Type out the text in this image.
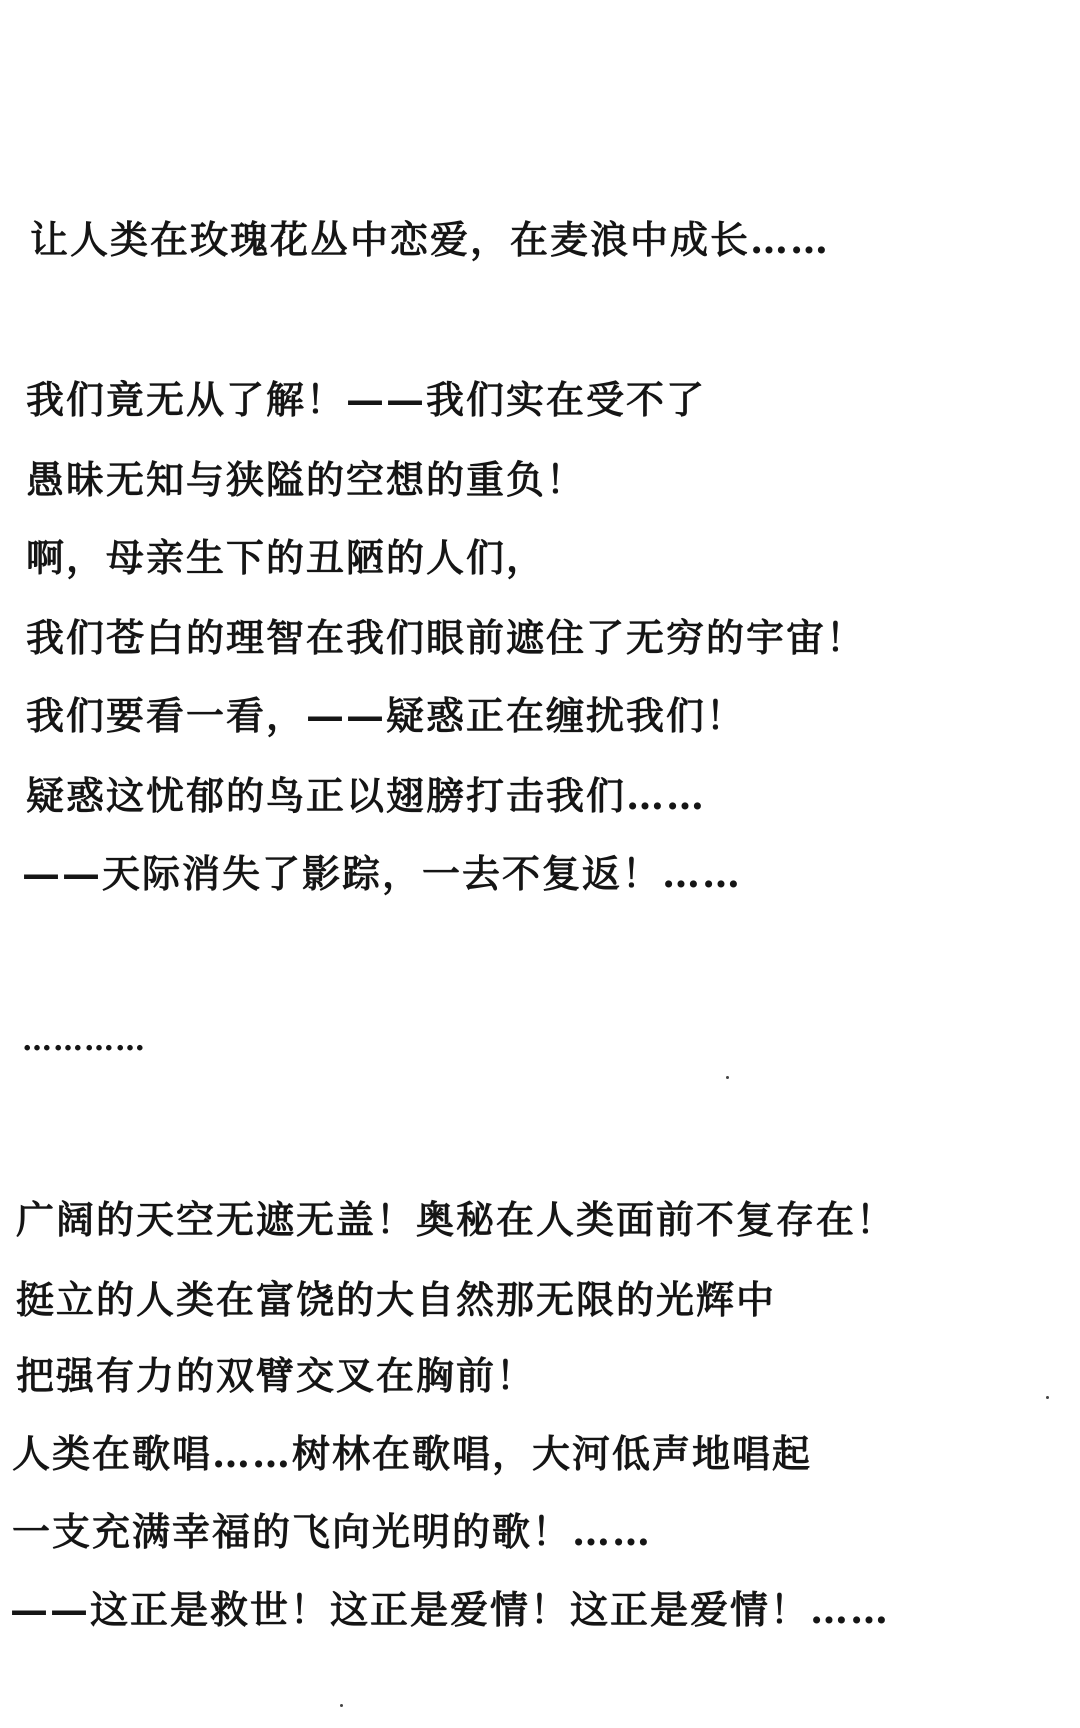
让人类在玫瑰花丛中恋爱，在麦浪中成长……
我们竟无从了解！——我们实在受不了
愚昧无知与狭隘的空想的重负！
啊，母亲生下的丑陋的人们，
我们苍白的理智在我们眼前遮住了无穷的宇宙！
我们要看一看，——疑惑正在缠扰我们！
疑惑这忧郁的鸟正以翅膀打击我们……
——天际消失了影踪，一去不复返！……
…………
广阔的天空无遮无盖！奥秘在人类面前不复存在！
挺立的人类在富饶的大自然那无限的光辉中
把强有力的双臂交叉在胸前！
人类在歌唱……树林在歌唱，大河低声地唱起
一支充满幸福的飞向光明的歌！……
——这正是救世！这正是爱情！这正是爱情！……
